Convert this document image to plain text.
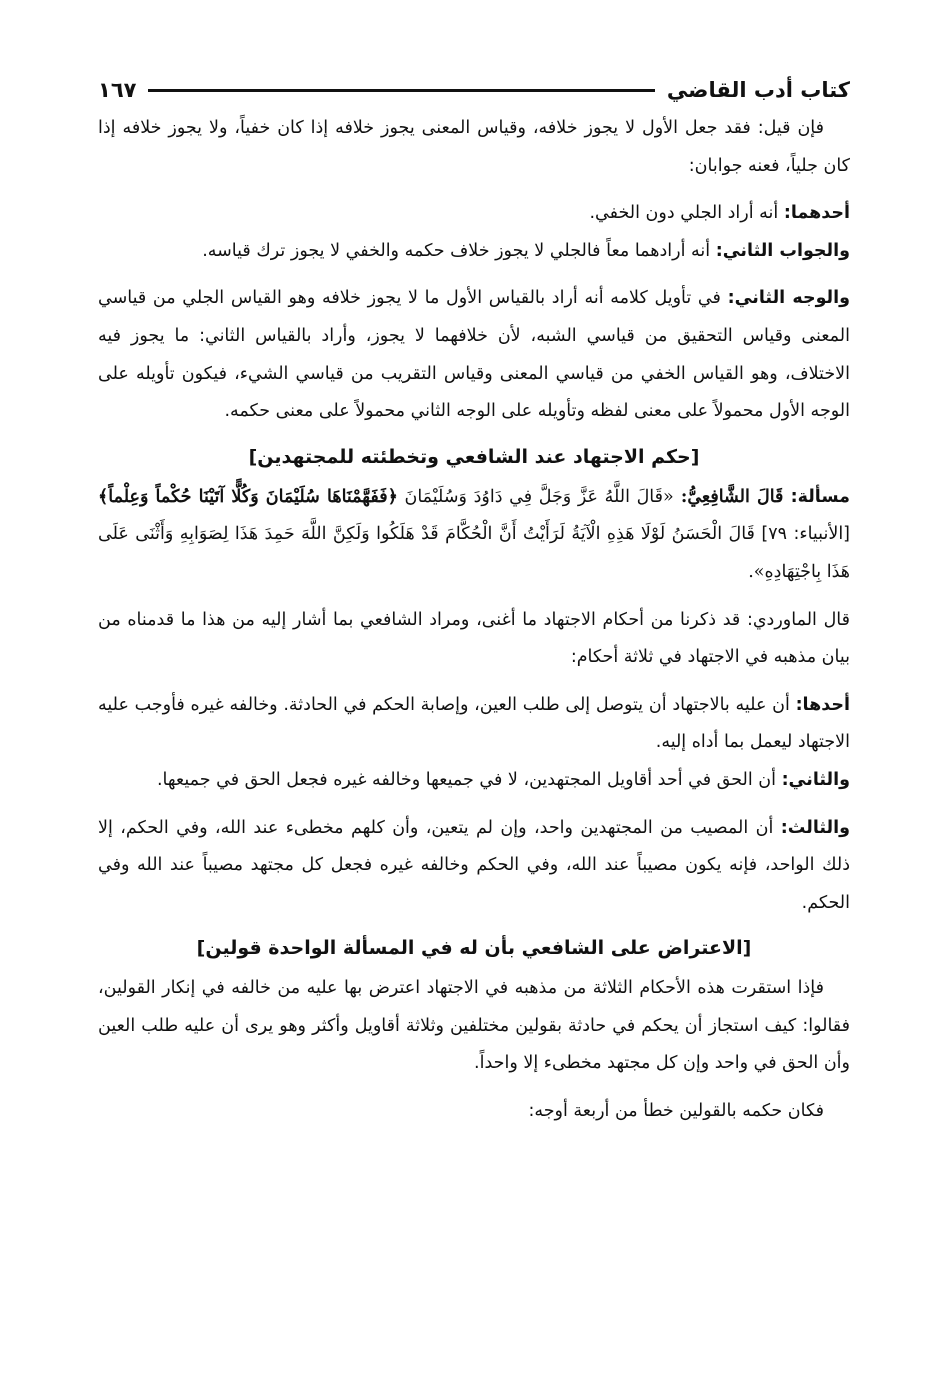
كتاب أدب القاضي
١٦٧

فإن قيل: فقد جعل الأول لا يجوز خلافه، وقياس المعنى يجوز خلافه إذا كان خفياً، ولا يجوز خلافه إذا كان جلياً، فعنه جوابان:

أحدهما: أنه أراد الجلي دون الخفي.

والجواب الثاني: أنه أرادهما معاً فالجلي لا يجوز خلاف حكمه والخفي لا يجوز ترك قياسه.

والوجه الثاني: في تأويل كلامه أنه أراد بالقياس الأول ما لا يجوز خلافه وهو القياس الجلي من قياسي المعنى وقياس التحقيق من قياسي الشبه، لأن خلافهما لا يجوز، وأراد بالقياس الثاني: ما يجوز فيه الاختلاف، وهو القياس الخفي من قياسي المعنى وقياس التقريب من قياسي الشيء، فيكون تأويله على الوجه الأول محمولاً على معنى لفظه وتأويله على الوجه الثاني محمولاً على معنى حكمه.

[حكم الاجتهاد عند الشافعي وتخطئته للمجتهدين]

مسألة: قَالَ الشَّافِعِيُّ: «قَالَ اللَّهُ عَزَّ وَجَلَّ فِي دَاوُدَ وَسُلَيْمَانَ ﴿فَفَهَّمْنَاهَا سُلَيْمَانَ وَكُلًّا آتَيْنَا حُكْماً وَعِلْماً﴾ [الأنبياء: ٧٩] قَالَ الْحَسَنُ لَوْلَا هَذِهِ الْآيَةُ لَرَأَيْتُ أَنَّ الْحُكَّامَ قَدْ هَلَكُوا وَلَكِنَّ اللَّهَ حَمِدَ هَذَا لِصَوَابِهِ وَأَثْنَى عَلَى هَذَا بِاجْتِهَادِهِ».

قال الماوردي: قد ذكرنا من أحكام الاجتهاد ما أغنى، ومراد الشافعي بما أشار إليه من هذا ما قدمناه من بيان مذهبه في الاجتهاد في ثلاثة أحكام:

أحدها: أن عليه بالاجتهاد أن يتوصل إلى طلب العين، وإصابة الحكم في الحادثة. وخالفه غيره فأوجب عليه الاجتهاد ليعمل بما أداه إليه.

والثاني: أن الحق في أحد أقاويل المجتهدين، لا في جميعها وخالفه غيره فجعل الحق في جميعها.

والثالث: أن المصيب من المجتهدين واحد، وإن لم يتعين، وأن كلهم مخطىء عند الله، وفي الحكم، إلا ذلك الواحد، فإنه يكون مصيباً عند الله، وفي الحكم وخالفه غيره فجعل كل مجتهد مصيباً عند الله وفي الحكم.

[الاعتراض على الشافعي بأن له في المسألة الواحدة قولين]

فإذا استقرت هذه الأحكام الثلاثة من مذهبه في الاجتهاد اعترض بها عليه من خالفه في إنكار القولين، فقالوا: كيف استجاز أن يحكم في حادثة بقولين مختلفين وثلاثة أقاويل وأكثر وهو يرى أن عليه طلب العين وأن الحق في واحد وإن كل مجتهد مخطىء إلا واحداً.

فكان حكمه بالقولين خطأ من أربعة أوجه:
